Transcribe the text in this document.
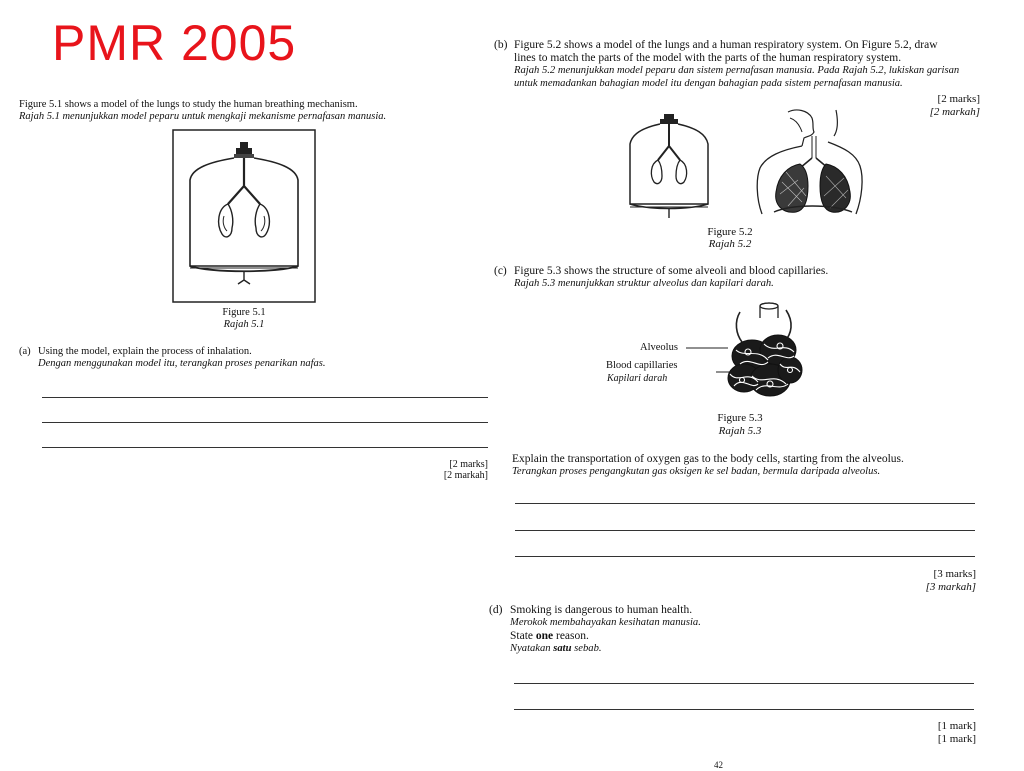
PMR 2005
Figure 5.1 shows a model of the lungs to study the human breathing mechanism.
Rajah 5.1 menunjukkan model peparu untuk mengkaji mekanisme pernafasan manusia.
Figure 5.1
Rajah 5.1
(a) Using the model, explain the process of inhalation.
Dengan menggunakan model itu, terangkan proses penarikan nafas.
[2 marks]
[2 markah]
(b) Figure 5.2 shows a model of the lungs and a human respiratory system. On Figure 5.2, draw
lines to match the parts of the model with the parts of the human respiratory system.
Rajah 5.2 menunjukkan model peparu dan sistem pernafasan manusia. Pada Rajah 5.2, lukiskan garisan
untuk memadankan bahagian model itu dengan bahagian pada sistem pernafasan manusia.
[2 marks]
[2 markah]
Figure 5.2
Rajah 5.2
(c) Figure 5.3 shows the structure of some alveoli and blood capillaries.
Rajah 5.3 menunjukkan struktur alveolus dan kapilari darah.
Alveolus
Blood capillaries
Kapilari darah
Figure 5.3
Rajah 5.3
Explain the transportation of oxygen gas to the body cells, starting from the alveolus.
Terangkan proses pengangkutan gas oksigen ke sel badan, bermula daripada alveolus.
[3 marks]
[3 markah]
(d) Smoking is dangerous to human health.
Merokok membahayakan kesihatan manusia.
State one reason.
Nyatakan satu sebab.
[1 mark]
[1 mark]
42
